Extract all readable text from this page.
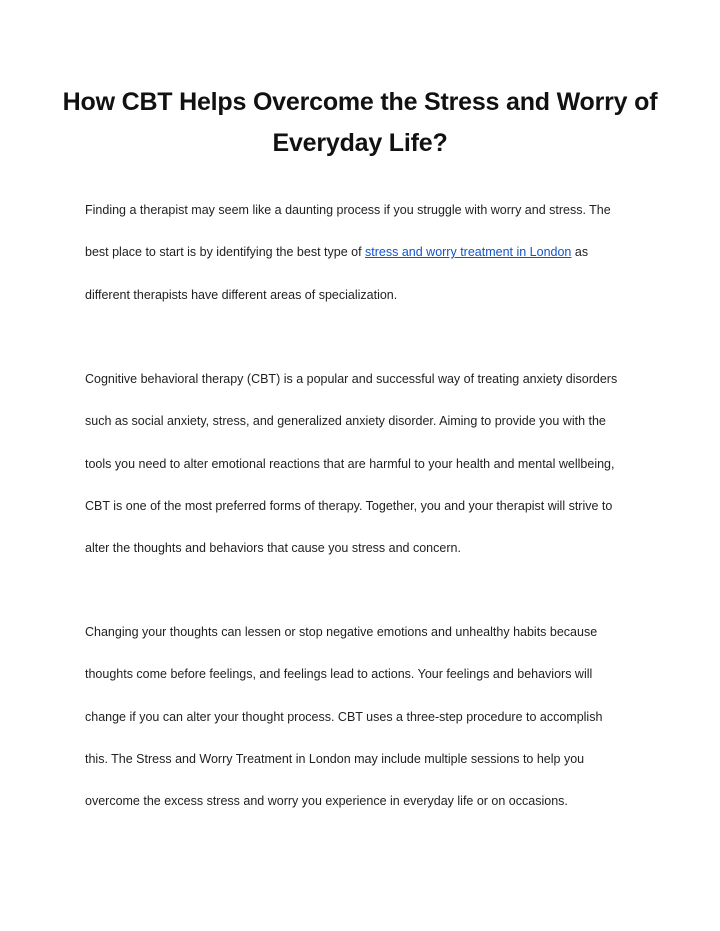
How CBT Helps Overcome the Stress and Worry of Everyday Life?

Finding a therapist may seem like a daunting process if you struggle with worry and stress. The
best place to start is by identifying the best type of stress and worry treatment in London as
different therapists have different areas of specialization.

Cognitive behavioral therapy (CBT) is a popular and successful way of treating anxiety disorders
such as social anxiety, stress, and generalized anxiety disorder. Aiming to provide you with the
tools you need to alter emotional reactions that are harmful to your health and mental wellbeing,
CBT is one of the most preferred forms of therapy. Together, you and your therapist will strive to
alter the thoughts and behaviors that cause you stress and concern.

Changing your thoughts can lessen or stop negative emotions and unhealthy habits because
thoughts come before feelings, and feelings lead to actions. Your feelings and behaviors will
change if you can alter your thought process. CBT uses a three-step procedure to accomplish
this. The Stress and Worry Treatment in London may include multiple sessions to help you
overcome the excess stress and worry you experience in everyday life or on occasions.
